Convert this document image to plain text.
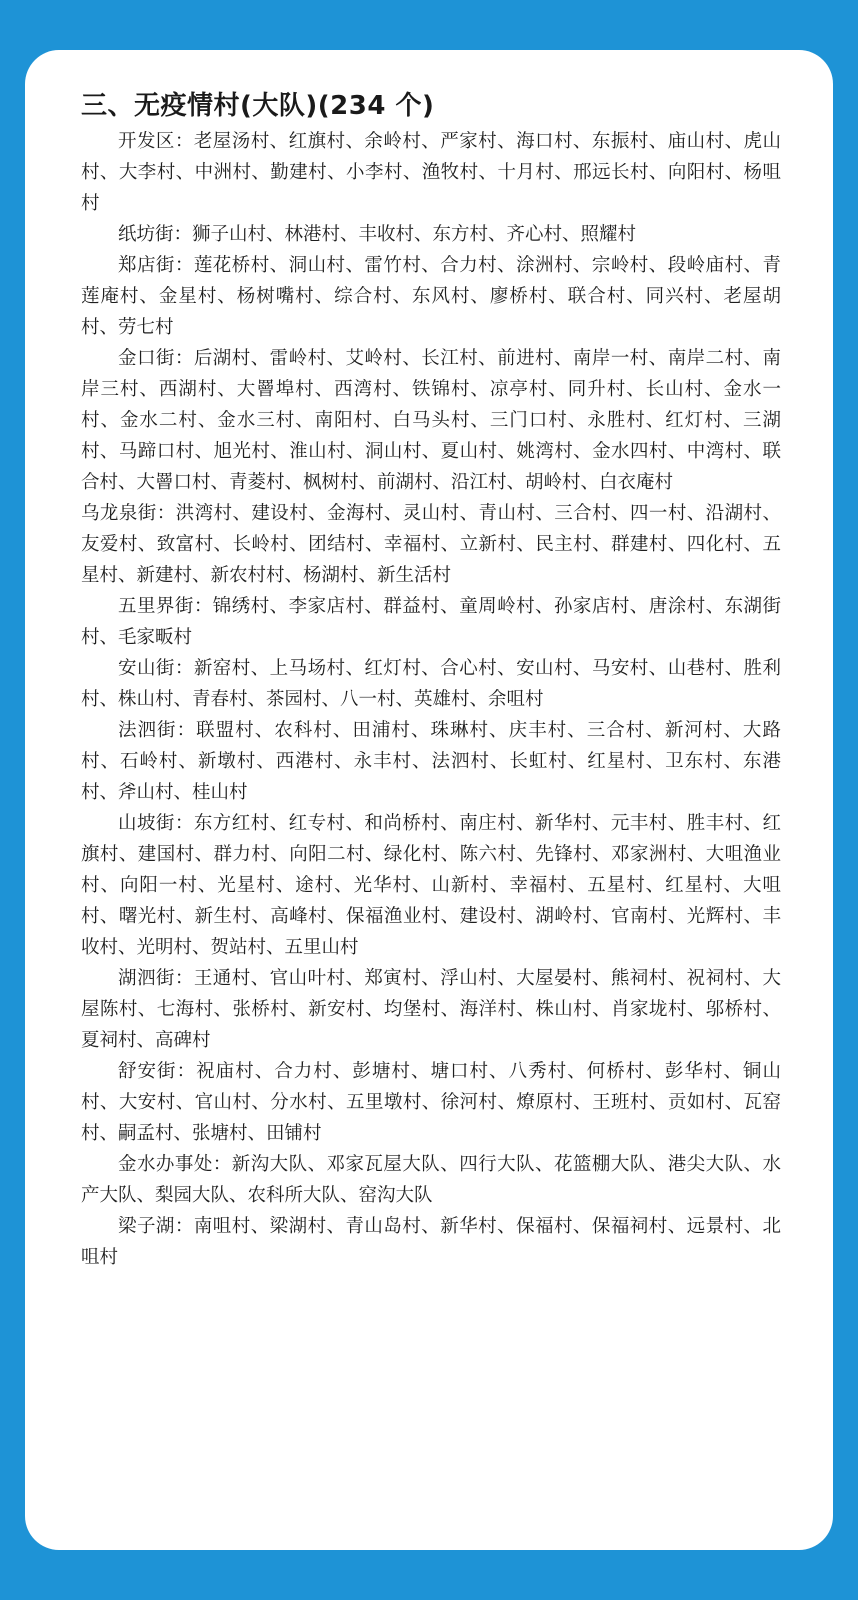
三、无疫情村(大队)(234 个)

开发区：老屋汤村、红旗村、余岭村、严家村、海口村、东振村、庙山村、虎山村、大李村、中洲村、勤建村、小李村、渔牧村、十月村、邢远长村、向阳村、杨咀村

纸坊街：狮子山村、林港村、丰收村、东方村、齐心村、照耀村

郑店街：莲花桥村、洞山村、雷竹村、合力村、涂洲村、宗岭村、段岭庙村、青莲庵村、金星村、杨树嘴村、综合村、东风村、廖桥村、联合村、同兴村、老屋胡村、劳七村

金口街：后湖村、雷岭村、艾岭村、长江村、前进村、南岸一村、南岸二村、南岸三村、西湖村、大罾埠村、西湾村、铁锦村、凉亭村、同升村、长山村、金水一村、金水二村、金水三村、南阳村、白马头村、三门口村、永胜村、红灯村、三湖村、马蹄口村、旭光村、淮山村、洞山村、夏山村、姚湾村、金水四村、中湾村、联合村、大罾口村、青菱村、枫树村、前湖村、沿江村、胡岭村、白衣庵村

乌龙泉街：洪湾村、建设村、金海村、灵山村、青山村、三合村、四一村、沿湖村、友爱村、致富村、长岭村、团结村、幸福村、立新村、民主村、群建村、四化村、五星村、新建村、新农村村、杨湖村、新生活村

五里界街：锦绣村、李家店村、群益村、童周岭村、孙家店村、唐涂村、东湖街村、毛家畈村

安山街：新窑村、上马场村、红灯村、合心村、安山村、马安村、山巷村、胜利村、株山村、青春村、茶园村、八一村、英雄村、余咀村

法泗街：联盟村、农科村、田浦村、珠琳村、庆丰村、三合村、新河村、大路村、石岭村、新墩村、西港村、永丰村、法泗村、长虹村、红星村、卫东村、东港村、斧山村、桂山村

山坡街：东方红村、红专村、和尚桥村、南庄村、新华村、元丰村、胜丰村、红旗村、建国村、群力村、向阳二村、绿化村、陈六村、先锋村、邓家洲村、大咀渔业村、向阳一村、光星村、途村、光华村、山新村、幸福村、五星村、红星村、大咀村、曙光村、新生村、高峰村、保福渔业村、建设村、湖岭村、官南村、光辉村、丰收村、光明村、贺站村、五里山村

湖泗街：王通村、官山叶村、郑寅村、浮山村、大屋晏村、熊祠村、祝祠村、大屋陈村、七海村、张桥村、新安村、均堡村、海洋村、株山村、肖家垅村、邬桥村、夏祠村、高碑村

舒安街：祝庙村、合力村、彭塘村、塘口村、八秀村、何桥村、彭华村、铜山村、大安村、官山村、分水村、五里墩村、徐河村、燎原村、王班村、贡如村、瓦窑村、嗣孟村、张塘村、田铺村

金水办事处：新沟大队、邓家瓦屋大队、四行大队、花篮棚大队、港尖大队、水产大队、梨园大队、农科所大队、窑沟大队

梁子湖：南咀村、梁湖村、青山岛村、新华村、保福村、保福祠村、远景村、北咀村
